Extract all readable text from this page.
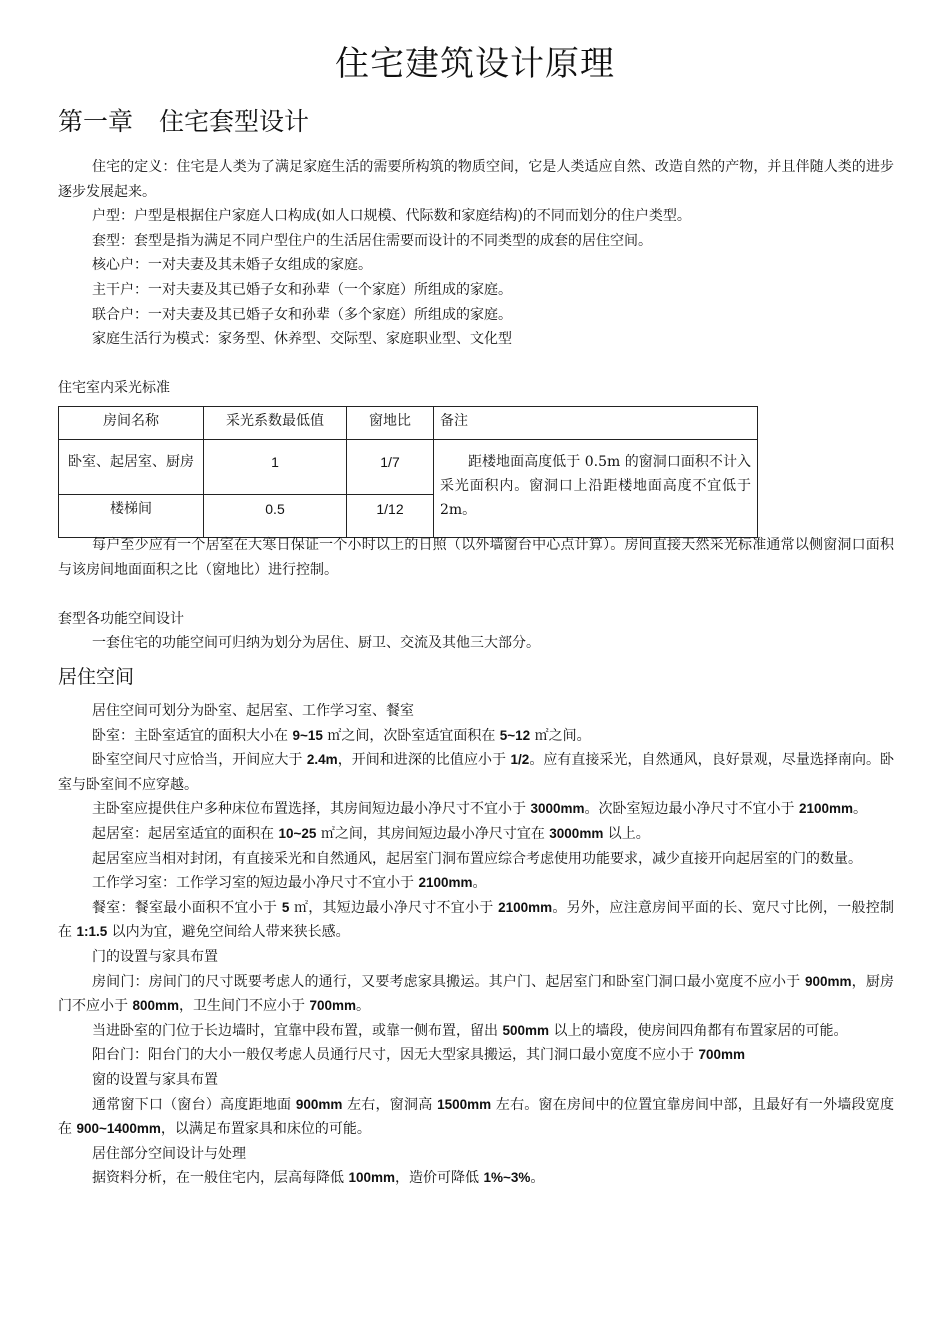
住宅建筑设计原理
第一章 住宅套型设计

住宅的定义：住宅是人类为了满足家庭生活的需要所构筑的物质空间，它是人类适应自然、改造自然的产物，并且伴随人类的进步逐步发展起来。

户型：户型是根据住户家庭人口构成(如人口规模、代际数和家庭结构)的不同而划分的住户类型。

套型：套型是指为满足不同户型住户的生活居住需要而设计的不同类型的成套的居住空间。

核心户：一对夫妻及其未婚子女组成的家庭。

主干户：一对夫妻及其已婚子女和孙辈（一个家庭）所组成的家庭。

联合户：一对夫妻及其已婚子女和孙辈（多个家庭）所组成的家庭。

家庭生活行为模式：家务型、休养型、交际型、家庭职业型、文化型

住宅室内采光标准

房间名称	采光系数最低值	窗地比	备注
卧室、起居室、厨房	1	1/7	距楼地面高度低于 0.5m 的窗洞口面积不计入采光面积内。窗洞口上沿距楼地面高度不宜低于 2m。
楼梯间	0.5	1/12	

每户至少应有一个居室在大寒日保证一个小时以上的日照（以外墙窗台中心点计算）。房间直接天然采光标准通常以侧窗洞口面积与该房间地面面积之比（窗地比）进行控制。

套型各功能空间设计

一套住宅的功能空间可归纳为划分为居住、厨卫、交流及其他三大部分。

居住空间

居住空间可划分为卧室、起居室、工作学习室、餐室

卧室：主卧室适宜的面积大小在 9~15 ㎡之间，次卧室适宜面积在 5~12 ㎡之间。

卧室空间尺寸应恰当，开间应大于 2.4m，开间和进深的比值应小于 1/2。应有直接采光，自然通风，良好景观，尽量选择南向。卧室与卧室间不应穿越。

主卧室应提供住户多种床位布置选择，其房间短边最小净尺寸不宜小于 3000mm。次卧室短边最小净尺寸不宜小于 2100mm。

起居室：起居室适宜的面积在 10~25 ㎡之间，其房间短边最小净尺寸宜在 3000mm 以上。

起居室应当相对封闭，有直接采光和自然通风，起居室门洞布置应综合考虑使用功能要求，减少直接开向起居室的门的数量。

工作学习室：工作学习室的短边最小净尺寸不宜小于 2100mm。

餐室：餐室最小面积不宜小于 5 ㎡，其短边最小净尺寸不宜小于 2100mm。另外，应注意房间平面的长、宽尺寸比例，一般控制在 1:1.5 以内为宜，避免空间给人带来狭长感。

门的设置与家具布置

房间门：房间门的尺寸既要考虑人的通行，又要考虑家具搬运。其户门、起居室门和卧室门洞口最小宽度不应小于 900mm，厨房门不应小于 800mm，卫生间门不应小于 700mm。

当进卧室的门位于长边墙时，宜靠中段布置，或靠一侧布置，留出 500mm 以上的墙段，使房间四角都有布置家居的可能。

阳台门：阳台门的大小一般仅考虑人员通行尺寸，因无大型家具搬运，其门洞口最小宽度不应小于 700mm

窗的设置与家具布置

通常窗下口（窗台）高度距地面 900mm 左右，窗洞高 1500mm 左右。窗在房间中的位置宜靠房间中部，且最好有一外墙段宽度在 900~1400mm，以满足布置家具和床位的可能。

居住部分空间设计与处理

据资料分析，在一般住宅内，层高每降低 100mm，造价可降低 1%~3%。
